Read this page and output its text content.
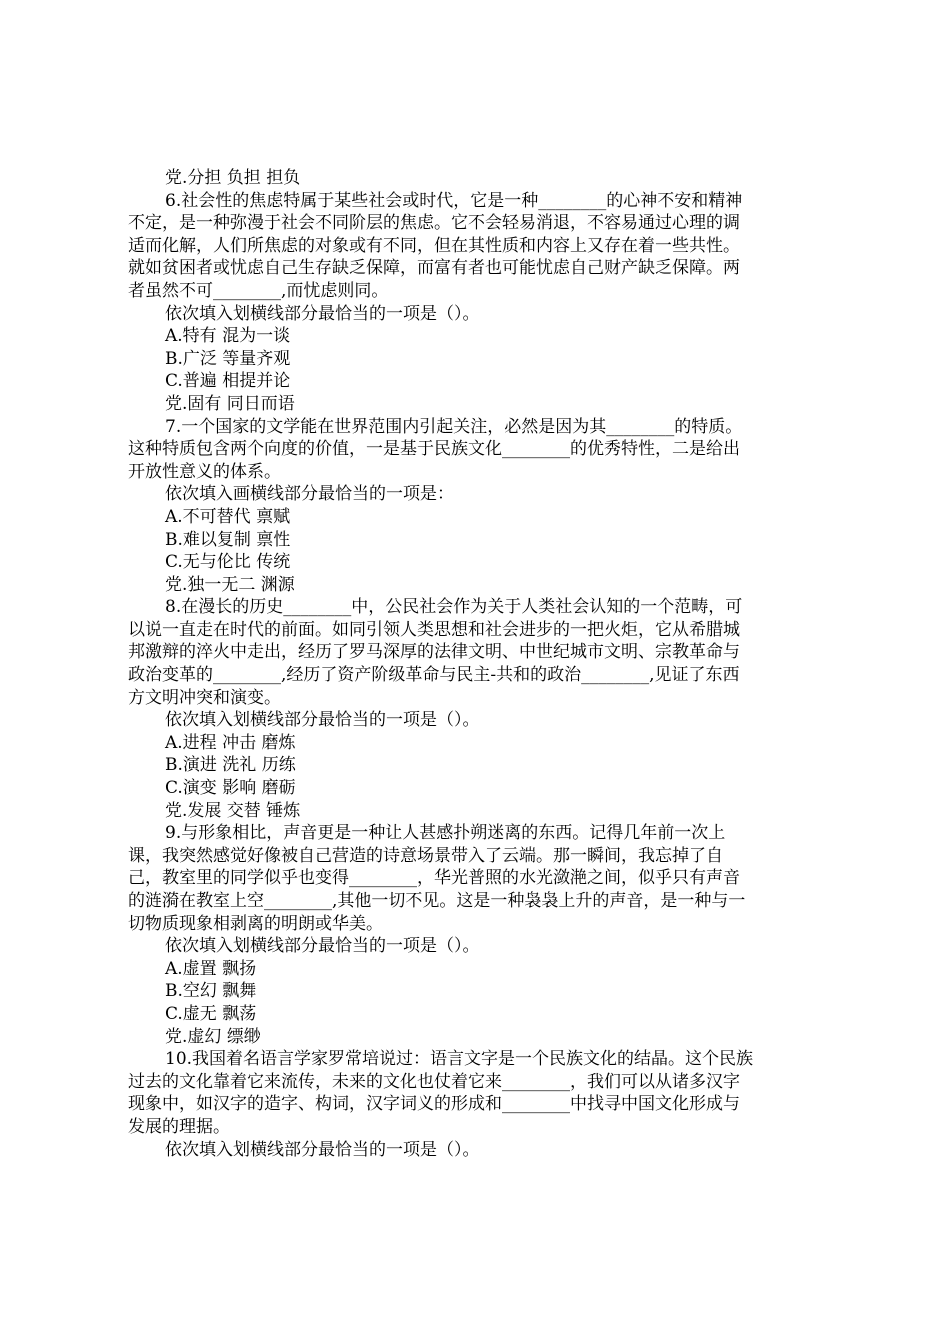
党.分担 负担 担负
6.社会性的焦虑特属于某些社会或时代，它是一种________的心神不安和精神
不定，是一种弥漫于社会不同阶层的焦虑。它不会轻易消退，不容易通过心理的调
适而化解，人们所焦虑的对象或有不同，但在其性质和内容上又存在着一些共性。
就如贫困者或忧虑自己生存缺乏保障，而富有者也可能忧虑自己财产缺乏保障。两
者虽然不可________,而忧虑则同。
依次填入划横线部分最恰当的一项是（）。
A.特有 混为一谈
B.广泛 等量齐观
C.普遍 相提并论
党.固有 同日而语
7.一个国家的文学能在世界范围内引起关注，必然是因为其________的特质。
这种特质包含两个向度的价值，一是基于民族文化________的优秀特性，二是给出
开放性意义的体系。
依次填入画横线部分最恰当的一项是：
A.不可替代 禀赋
B.难以复制 禀性
C.无与伦比 传统
党.独一无二 渊源
8.在漫长的历史________中，公民社会作为关于人类社会认知的一个范畴，可
以说一直走在时代的前面。如同引领人类思想和社会进步的一把火炬，它从希腊城
邦激辩的淬火中走出，经历了罗马深厚的法律文明、中世纪城市文明、宗教革命与
政治变革的________,经历了资产阶级革命与民主-共和的政治________,见证了东西
方文明冲突和演变。
依次填入划横线部分最恰当的一项是（）。
A.进程 冲击 磨炼
B.演进 洗礼 历练
C.演变 影响 磨砺
党.发展 交替 锤炼
9.与形象相比，声音更是一种让人甚感扑朔迷离的东西。记得几年前一次上
课，我突然感觉好像被自己营造的诗意场景带入了云端。那一瞬间，我忘掉了自
己，教室里的同学似乎也变得________，华光普照的水光潋滟之间，似乎只有声音
的涟漪在教室上空________,其他一切不见。这是一种袅袅上升的声音，是一种与一
切物质现象相剥离的明朗或华美。
依次填入划横线部分最恰当的一项是（）。
A.虚置 飘扬
B.空幻 飘舞
C.虚无 飘荡
党.虚幻 缥缈
10.我国着名语言学家罗常培说过：语言文字是一个民族文化的结晶。这个民族
过去的文化靠着它来流传，未来的文化也仗着它来________，我们可以从诸多汉字
现象中，如汉字的造字、构词，汉字词义的形成和________中找寻中国文化形成与
发展的理据。
依次填入划横线部分最恰当的一项是（）。
